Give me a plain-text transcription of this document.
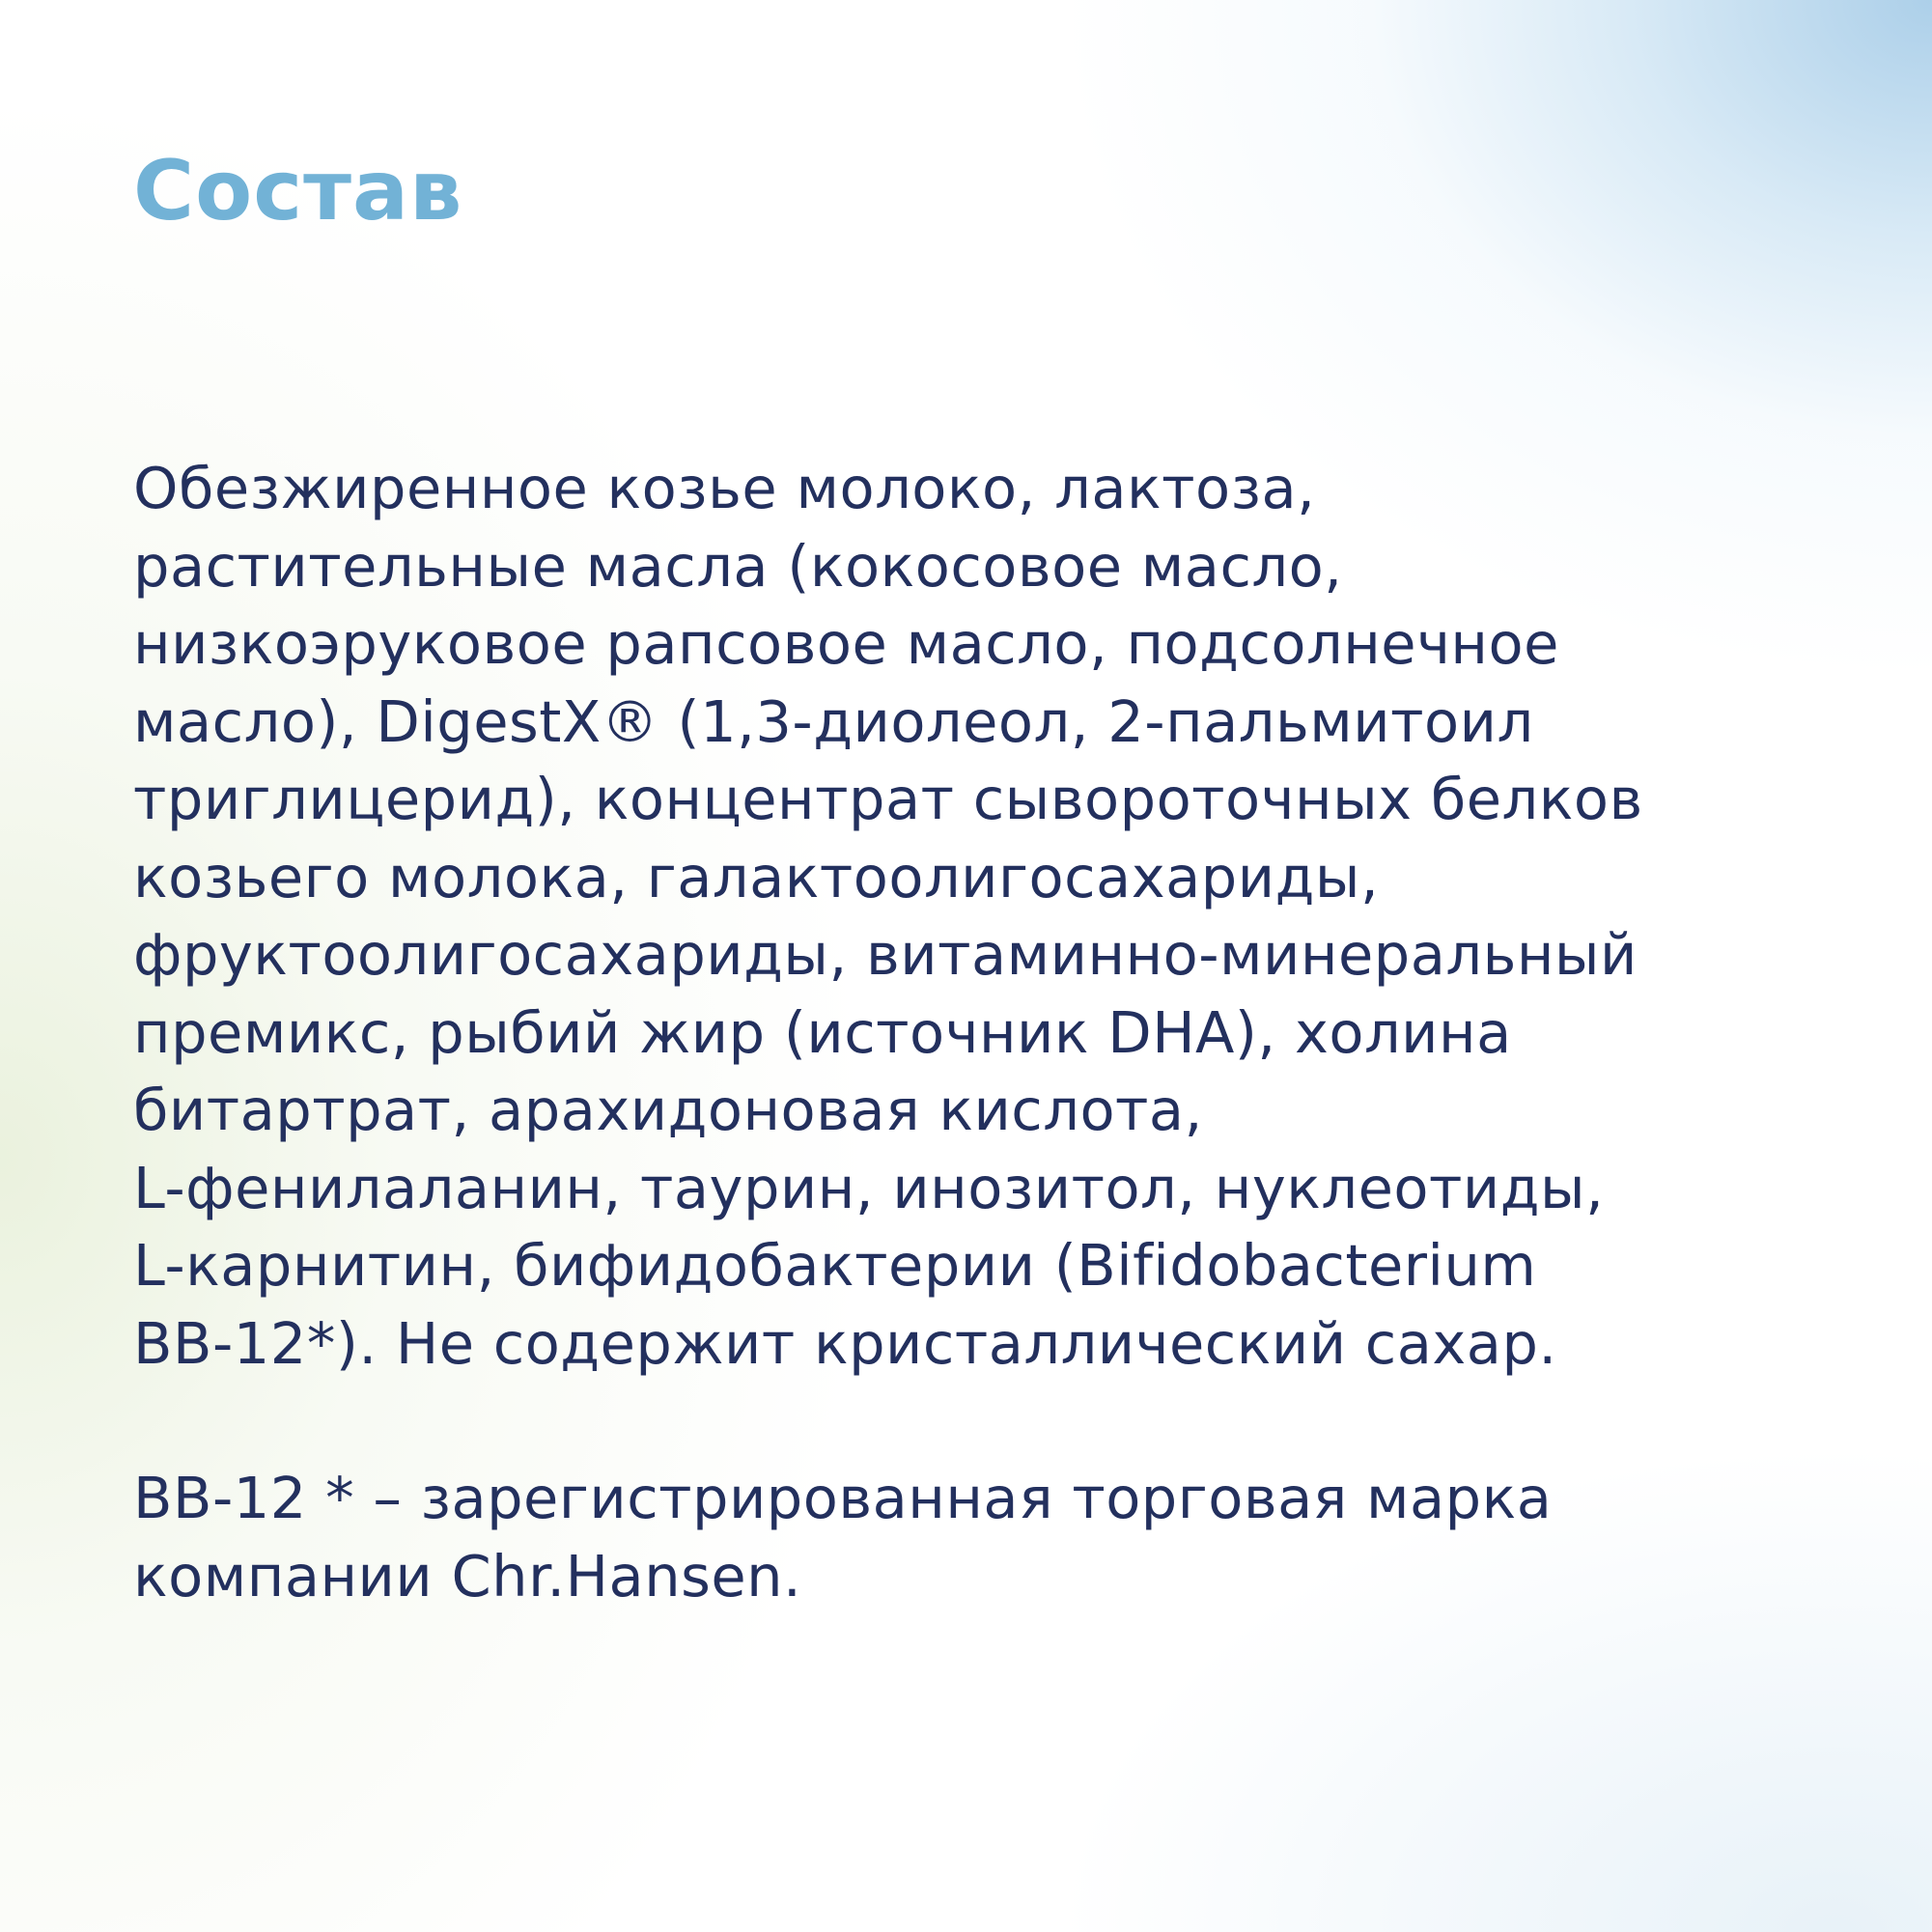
Состав

Обезжиренное козье молоко, лактоза,
растительные масла (кокосовое масло,
низкоэруковое рапсовое масло, подсолнечное
масло), DigestX® (1,3-диолеол, 2-пальмитоил
триглицерид), концентрат сывороточных белков
козьего молока, галактоолигосахариды,
фруктоолигосахариды, витаминно-минеральный
премикс, рыбий жир (источник DHA), холина
битартрат, арахидоновая кислота,
L-фенилаланин, таурин, инозитол, нуклеотиды,
L-карнитин, бифидобактерии (Bifidobacterium
BB-12*). Не содержит кристаллический сахар.

BB-12 * – зарегистрированная торговая марка
компании Chr.Hansen.
